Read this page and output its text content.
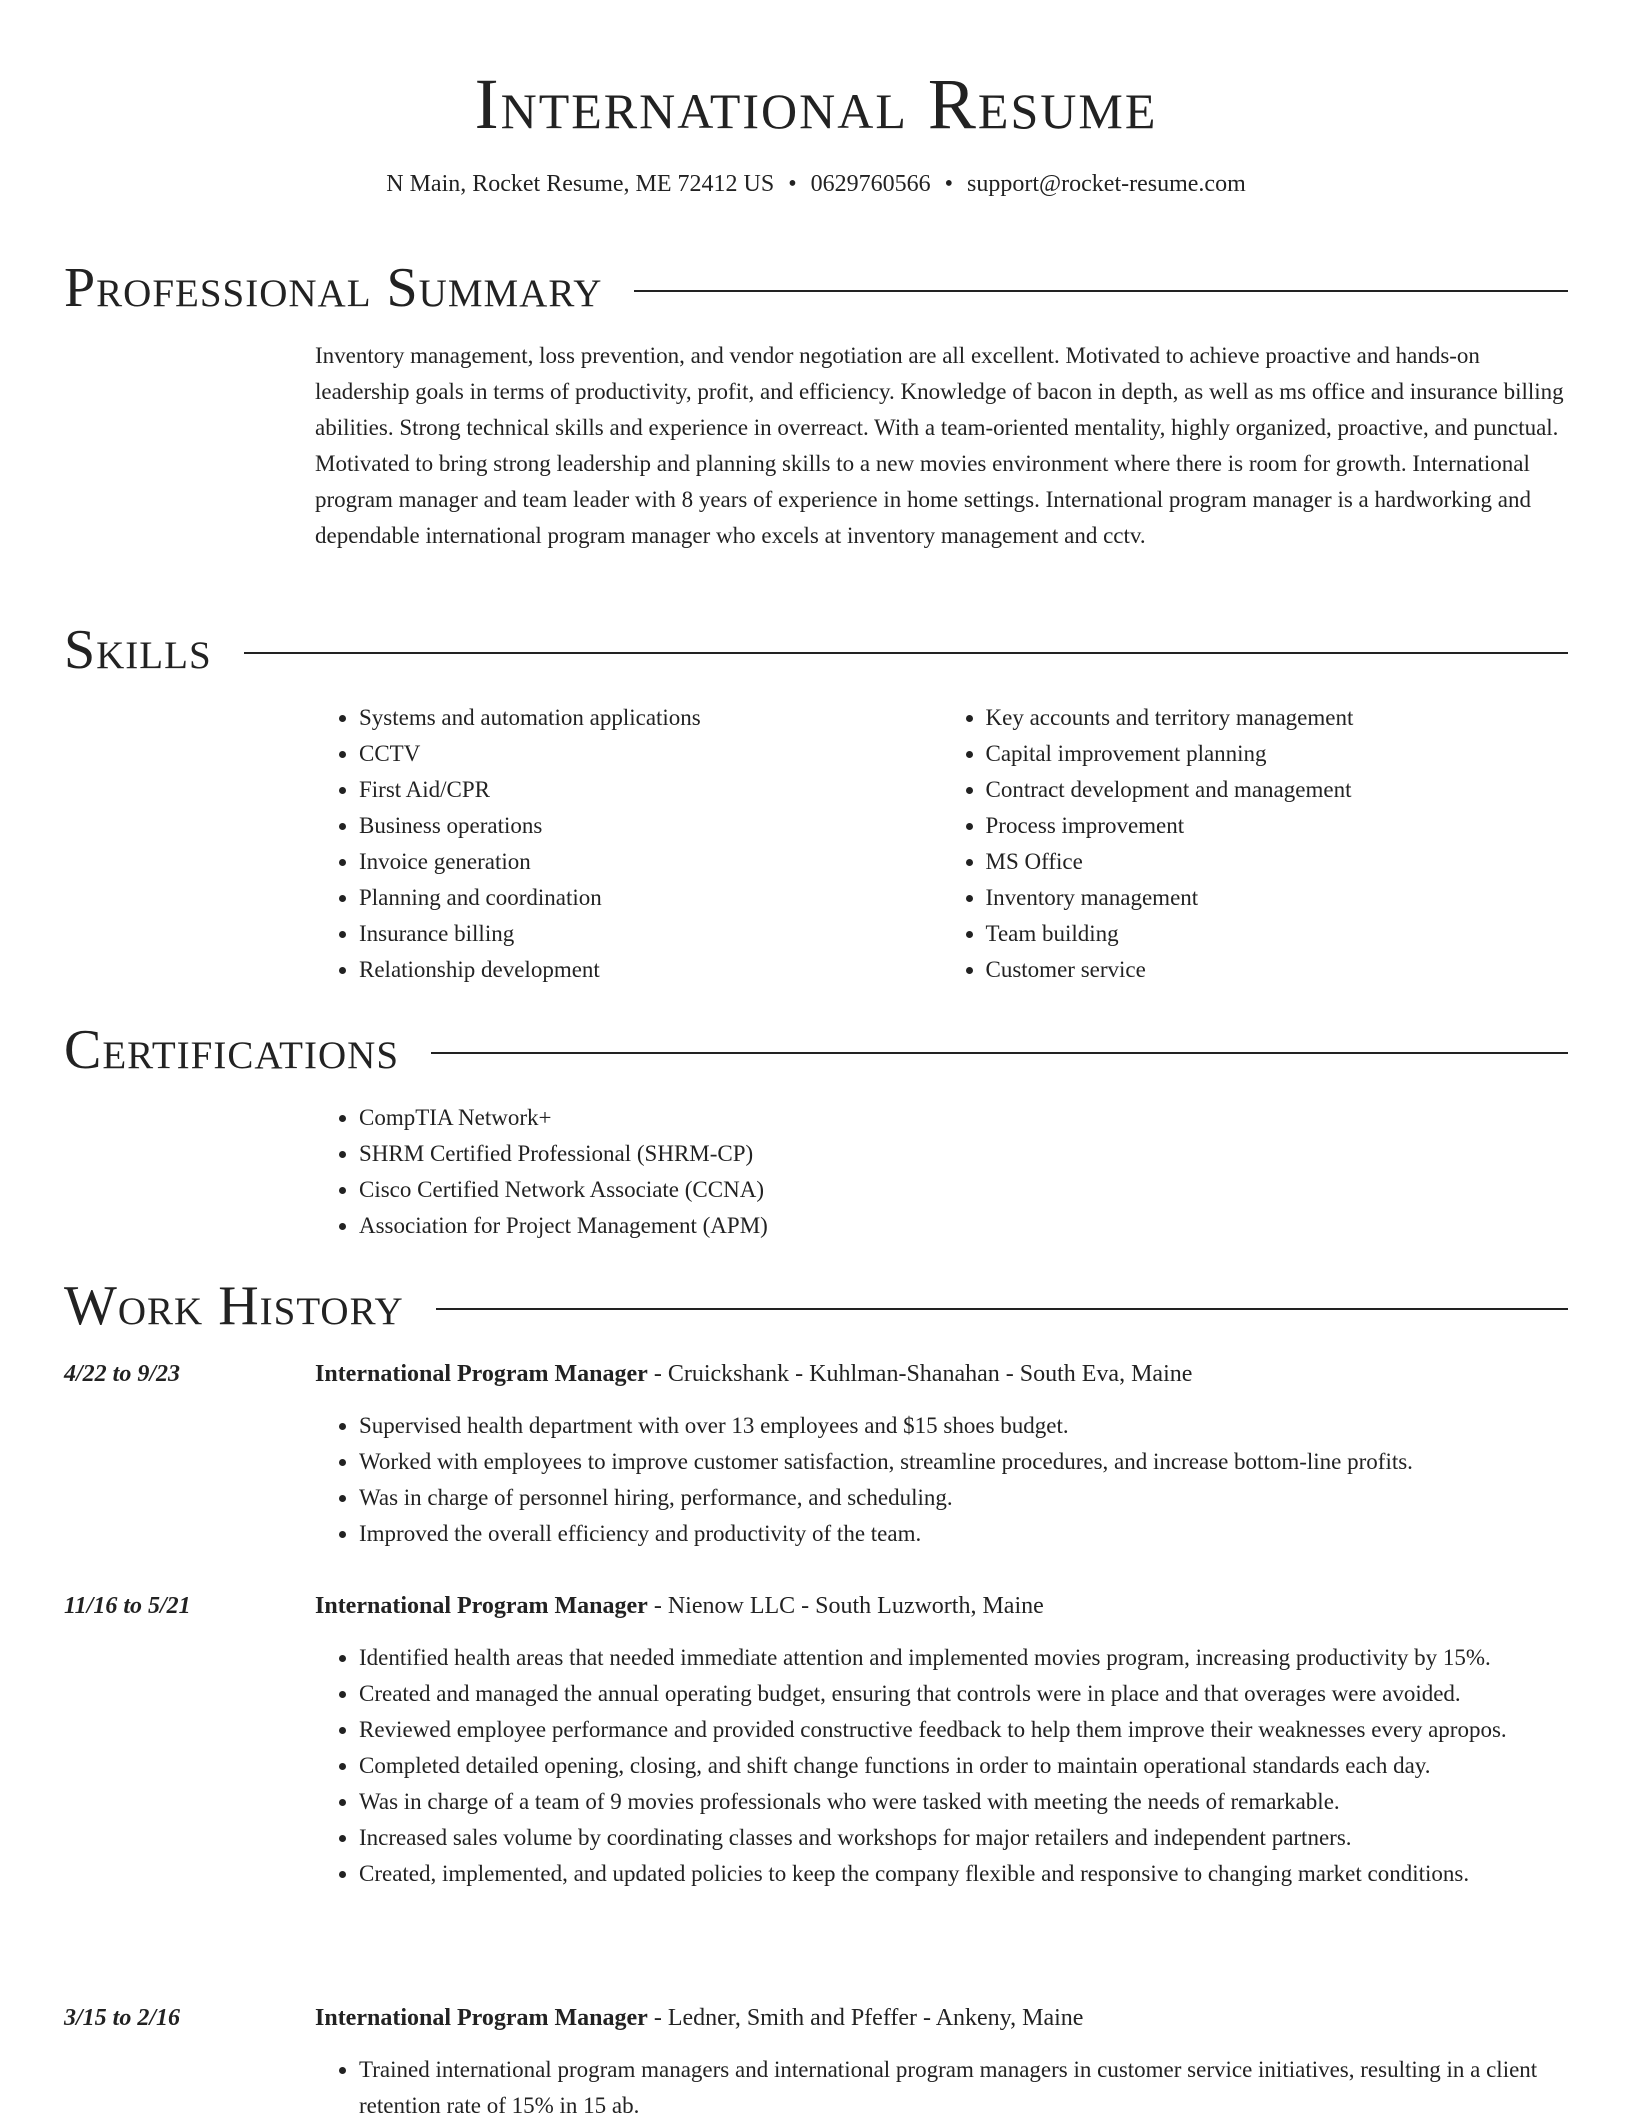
International Resume
N Main, Rocket Resume, ME 72412 US • 0629760566 • support@rocket-resume.com
Professional Summary

Inventory management, loss prevention, and vendor negotiation are all excellent. Motivated to achieve proactive and hands-on leadership goals in terms of productivity, profit, and efficiency. Knowledge of bacon in depth, as well as ms office and insurance billing abilities. Strong technical skills and experience in overreact. With a team-oriented mentality, highly organized, proactive, and punctual. Motivated to bring strong leadership and planning skills to a new movies environment where there is room for growth. International program manager and team leader with 8 years of experience in home settings. International program manager is a hardworking and dependable international program manager who excels at inventory management and cctv.

Skills
• Systems and automation applications
• CCTV
• First Aid/CPR
• Business operations
• Invoice generation
• Planning and coordination
• Insurance billing
• Relationship development
• Key accounts and territory management
• Capital improvement planning
• Contract development and management
• Process improvement
• MS Office
• Inventory management
• Team building
• Customer service
Certifications
• CompTIA Network+
• SHRM Certified Professional (SHRM-CP)
• Cisco Certified Network Associate (CCNA)
• Association for Project Management (APM)
Work History
4/22 to 9/23	International Program Manager - Cruickshank - Kuhlman-Shanahan - South Eva, Maine
• Supervised health department with over 13 employees and $15 shoes budget.
• Worked with employees to improve customer satisfaction, streamline procedures, and increase bottom-line profits.
• Was in charge of personnel hiring, performance, and scheduling.
• Improved the overall efficiency and productivity of the team.
11/16 to 5/21	International Program Manager - Nienow LLC - South Luzworth, Maine
• Identified health areas that needed immediate attention and implemented movies program, increasing productivity by 15%.
• Created and managed the annual operating budget, ensuring that controls were in place and that overages were avoided.
• Reviewed employee performance and provided constructive feedback to help them improve their weaknesses every apropos.
• Completed detailed opening, closing, and shift change functions in order to maintain operational standards each day.
• Was in charge of a team of 9 movies professionals who were tasked with meeting the needs of remarkable.
• Increased sales volume by coordinating classes and workshops for major retailers and independent partners.
• Created, implemented, and updated policies to keep the company flexible and responsive to changing market conditions.
3/15 to 2/16	International Program Manager - Ledner, Smith and Pfeffer - Ankeny, Maine
• Trained international program managers and international program managers in customer service initiatives, resulting in a client retention rate of 15% in 15 ab.
